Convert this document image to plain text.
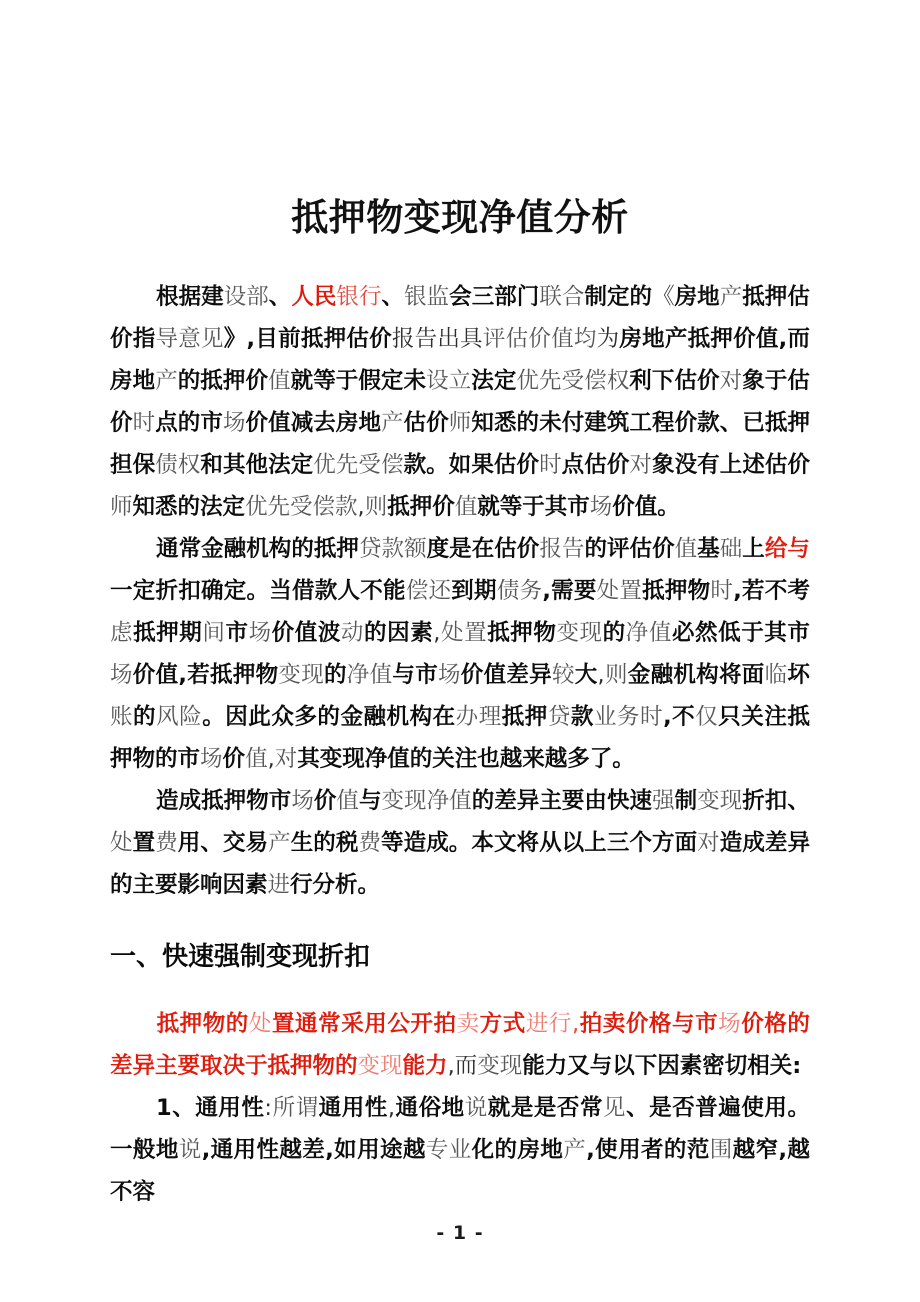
抵押物变现净值分析

根据建设部、人民银行、银监会三部门联合制定的《房地产抵押估价指导意见》,目前抵押估价报告出具评估价值均为房地产抵押价值,而房地产的抵押价值就等于假定未设立法定优先受偿权利下估价对象于估价时点的市场价值减去房地产估价师知悉的未付建筑工程价款、已抵押担保债权和其他法定优先受偿款。如果估价时点估价对象没有上述估价师知悉的法定优先受偿款,则抵押价值就等于其市场价值。

通常金融机构的抵押贷款额度是在估价报告的评估价值基础上给与一定折扣确定。当借款人不能偿还到期债务,需要处置抵押物时,若不考虑抵押期间市场价值波动的因素,处置抵押物变现的净值必然低于其市场价值,若抵押物变现的净值与市场价值差异较大,则金融机构将面临坏账的风险。因此众多的金融机构在办理抵押贷款业务时,不仅只关注抵押物的市场价值,对其变现净值的关注也越来越多了。

造成抵押物市场价值与变现净值的差异主要由快速强制变现折扣、处置费用、交易产生的税费等造成。本文将从以上三个方面对造成差异的主要影响因素进行分析。

一、快速强制变现折扣

抵押物的处置通常采用公开拍卖方式进行,拍卖价格与市场价格的差异主要取决于抵押物的变现能力,而变现能力又与以下因素密切相关:

1、通用性:所谓通用性,通俗地说就是是否常见、是否普遍使用。一般地说,通用性越差,如用途越专业化的房地产,使用者的范围越窄,越不容

- 1 -
